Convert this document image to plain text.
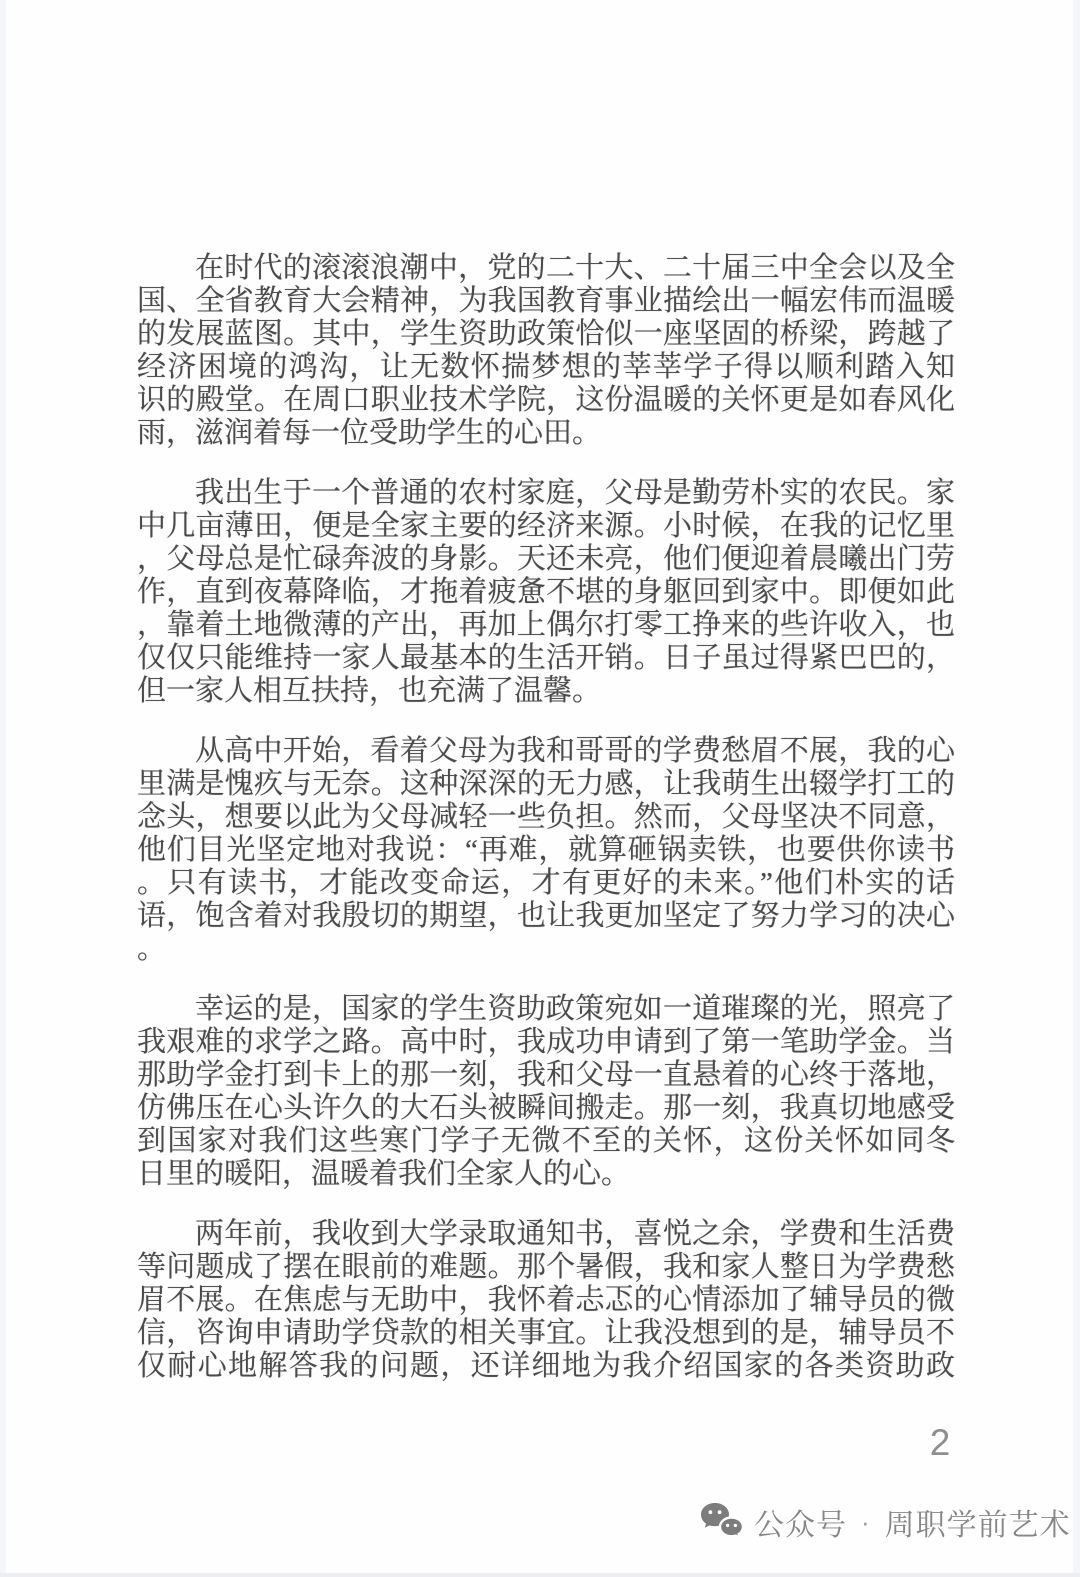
在时代的滚滚浪潮中，党的二十大、二十届三中全会以及全
国、全省教育大会精神，为我国教育事业描绘出一幅宏伟而温暖
的发展蓝图。其中，学生资助政策恰似一座坚固的桥梁，跨越了
经济困境的鸿沟，让无数怀揣梦想的莘莘学子得以顺利踏入知
识的殿堂。在周口职业技术学院，这份温暖的关怀更是如春风化
雨，滋润着每一位受助学生的心田。
我出生于一个普通的农村家庭，父母是勤劳朴实的农民。家
中几亩薄田，便是全家主要的经济来源。小时候，在我的记忆里
，父母总是忙碌奔波的身影。天还未亮，他们便迎着晨曦出门劳
作，直到夜幕降临，才拖着疲惫不堪的身躯回到家中。即便如此
，靠着土地微薄的产出，再加上偶尔打零工挣来的些许收入，也
仅仅只能维持一家人最基本的生活开销。日子虽过得紧巴巴的，
但一家人相互扶持，也充满了温馨。
从高中开始，看着父母为我和哥哥的学费愁眉不展，我的心
里满是愧疚与无奈。这种深深的无力感，让我萌生出辍学打工的
念头，想要以此为父母减轻一些负担。然而，父母坚决不同意，
他们目光坚定地对我说：“再难，就算砸锅卖铁，也要供你读书
。只有读书，才能改变命运，才有更好的未来。”他们朴实的话
语，饱含着对我殷切的期望，也让我更加坚定了努力学习的决心
。
幸运的是，国家的学生资助政策宛如一道璀璨的光，照亮了
我艰难的求学之路。高中时，我成功申请到了第一笔助学金。当
那助学金打到卡上的那一刻，我和父母一直悬着的心终于落地，
仿佛压在心头许久的大石头被瞬间搬走。那一刻，我真切地感受
到国家对我们这些寒门学子无微不至的关怀，这份关怀如同冬
日里的暖阳，温暖着我们全家人的心。
两年前，我收到大学录取通知书，喜悦之余，学费和生活费
等问题成了摆在眼前的难题。那个暑假，我和家人整日为学费愁
眉不展。在焦虑与无助中，我怀着忐忑的心情添加了辅导员的微
信，咨询申请助学贷款的相关事宜。让我没想到的是，辅导员不
仅耐心地解答我的问题，还详细地为我介绍国家的各类资助政
2
公众号 · 周职学前艺术
